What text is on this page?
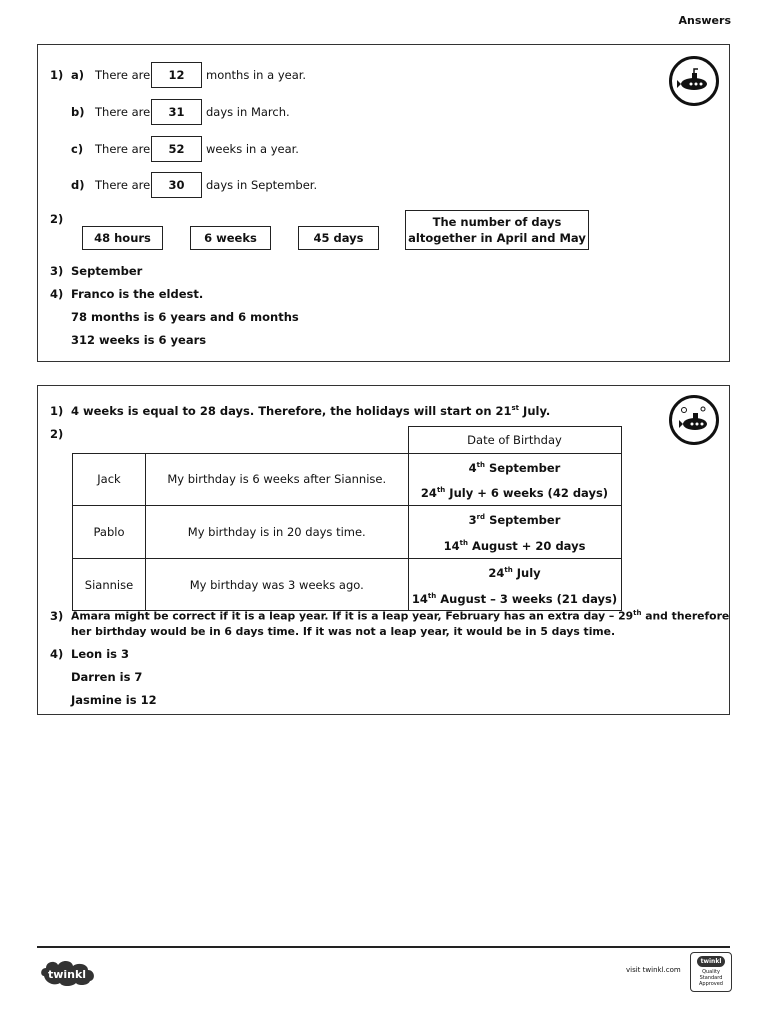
Answers
1) a) There are	12	months in a year.
b) There are	31	days in March.
c) There are	52	weeks in a year.
d) There are	30	days in September.
2)
48 hours	6 weeks	45 days
The number of days
altogether in April and May
3) September
4) Franco is the eldest.
78 months is 6 years and 6 months
312 weeks is 6 years
1) 4 weeks is equal to 28 days. Therefore, the holidays will start on 21st July.
2)
			Date of Birthday
Jack	My birthday is 6 weeks after Siannise.	4th September
24th July + 6 weeks (42 days)

Pablo	My birthday is in 20 days time.	3rd September
14th August + 20 days

Siannise	My birthday was 3 weeks ago.	24th July
14th August – 3 weeks (21 days)
3) Amara might be correct if it is a leap year. If it is a leap year, February has an extra day – 29th and therefore
her birthday would be in 6 days time. If it was not a leap year, it would be in 5 days time.
4) Leon is 3
Darren is 7
Jasmine is 12
twinkl	visit twinkl.com
twinkl
Quality Standard
Approved
